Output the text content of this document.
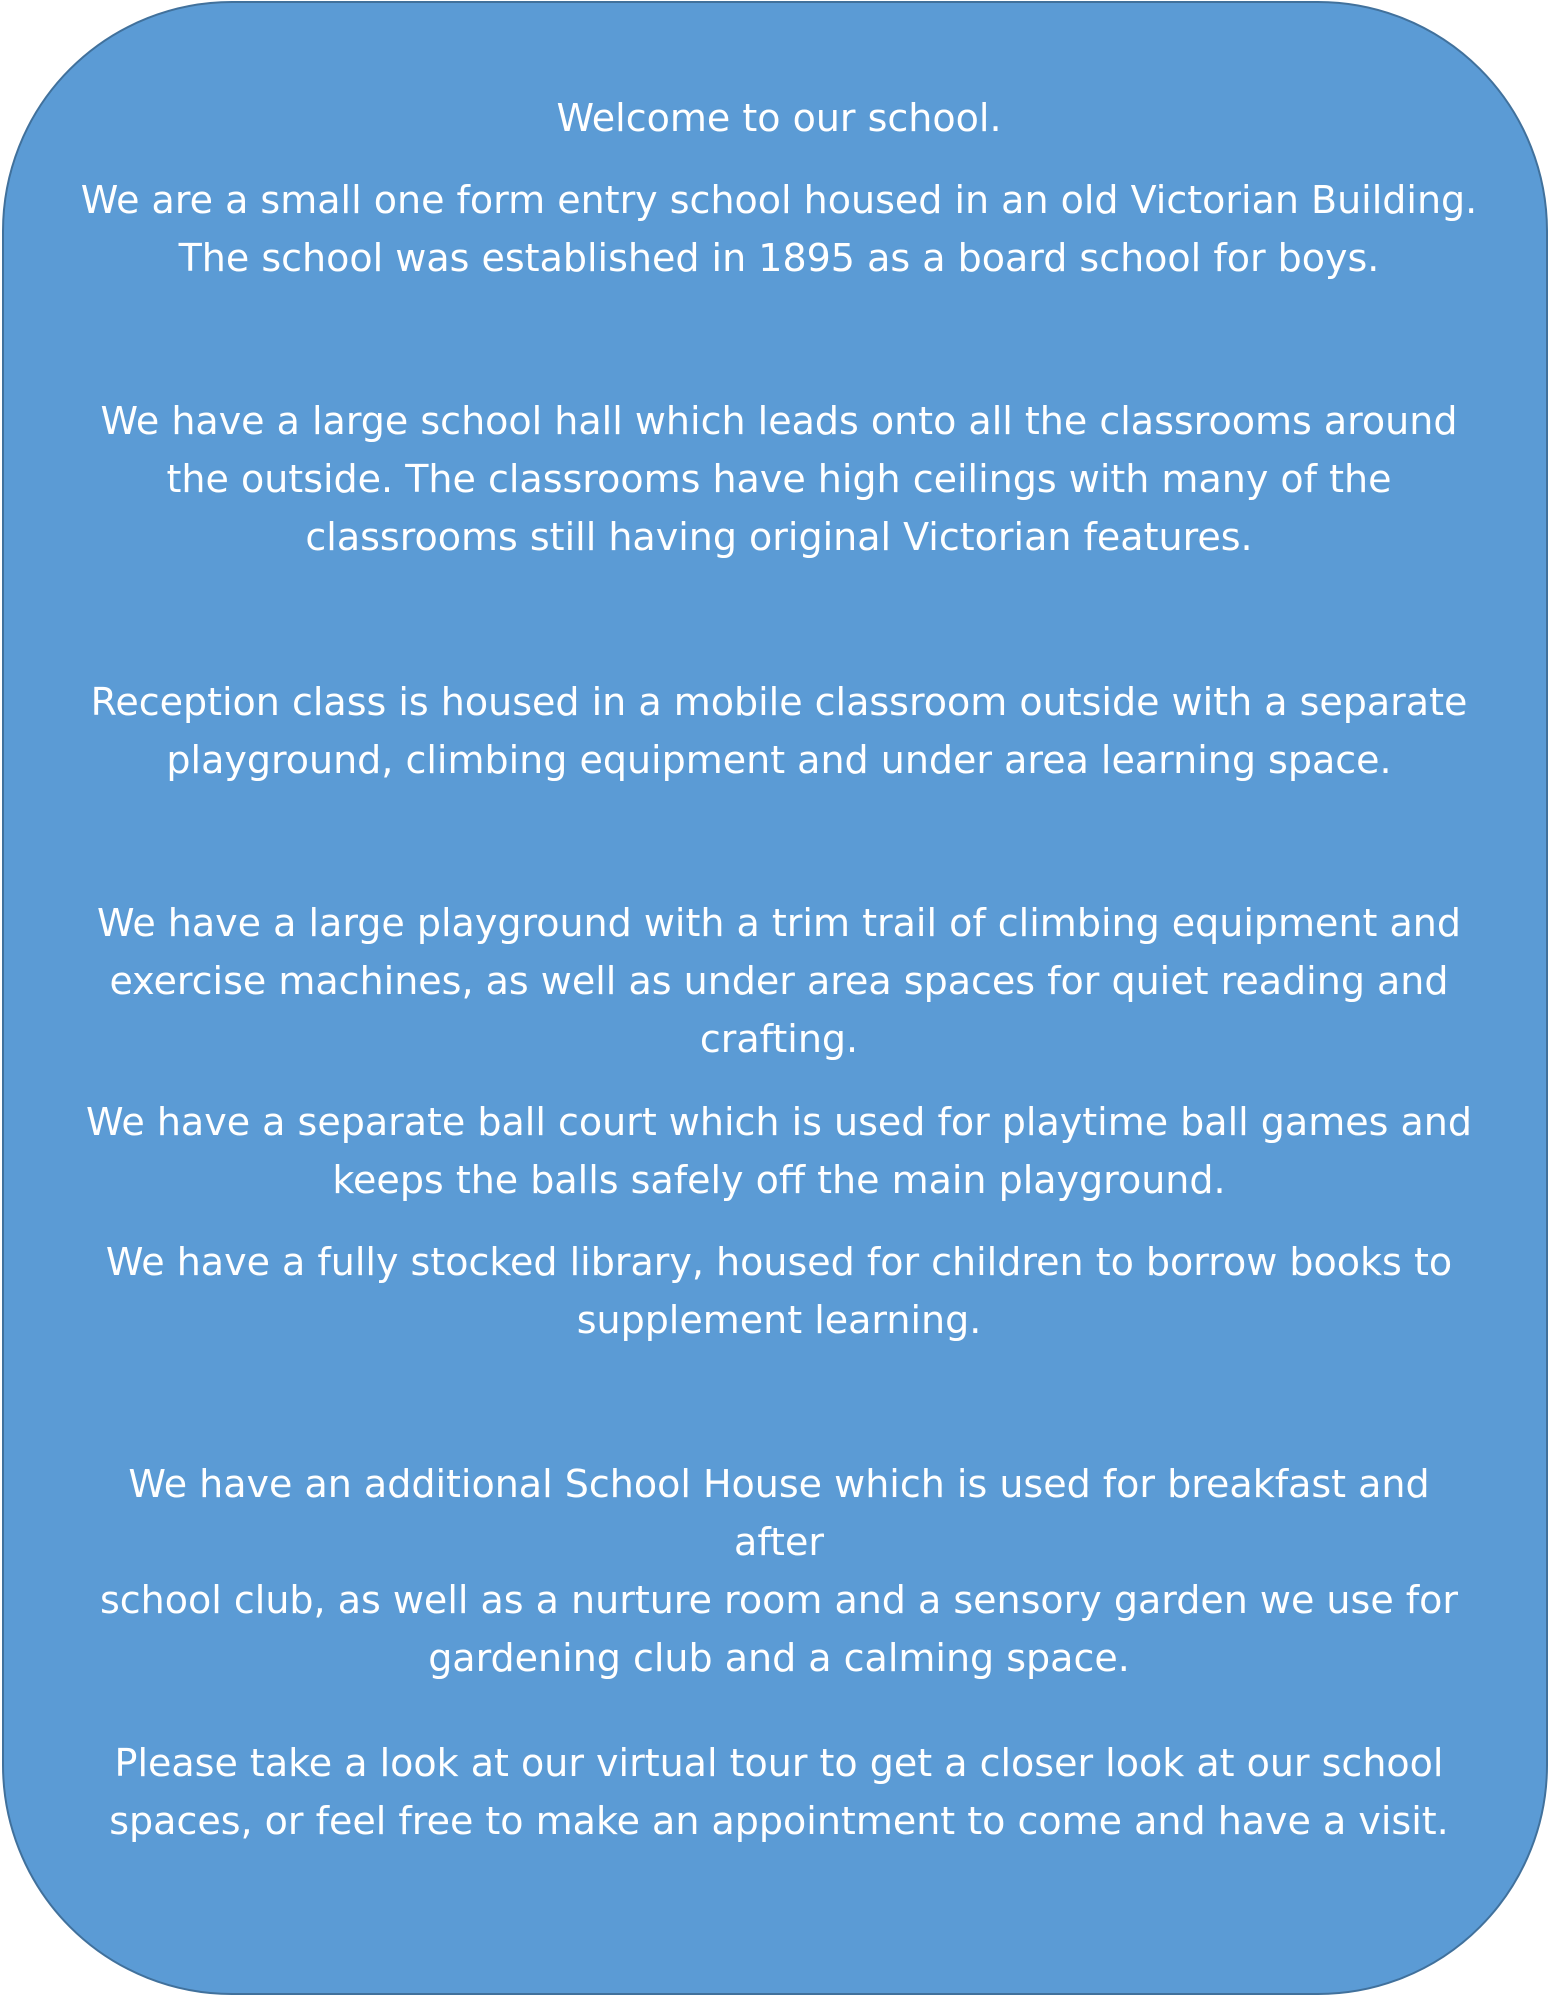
Welcome to our school.

We are a small one form entry school housed in an old Victorian Building.
The school was established in 1895 as a board school for boys.

We have a large school hall which leads onto all the classrooms around
the outside. The classrooms have high ceilings with many of the
classrooms still having original Victorian features.

Reception class is housed in a mobile classroom outside with a separate
playground, climbing equipment and under area learning space.

We have a large playground with a trim trail of climbing equipment and
exercise machines, as well as under area spaces for quiet reading and
crafting.

We have a separate ball court which is used for playtime ball games and
keeps the balls safely off the main playground.

We have a fully stocked library, housed for children to borrow books to
supplement learning.

We have an additional School House which is used for breakfast and after
school club, as well as a nurture room and a sensory garden we use for
gardening club and a calming space.

Please take a look at our virtual tour to get a closer look at our school
spaces, or feel free to make an appointment to come and have a visit.
